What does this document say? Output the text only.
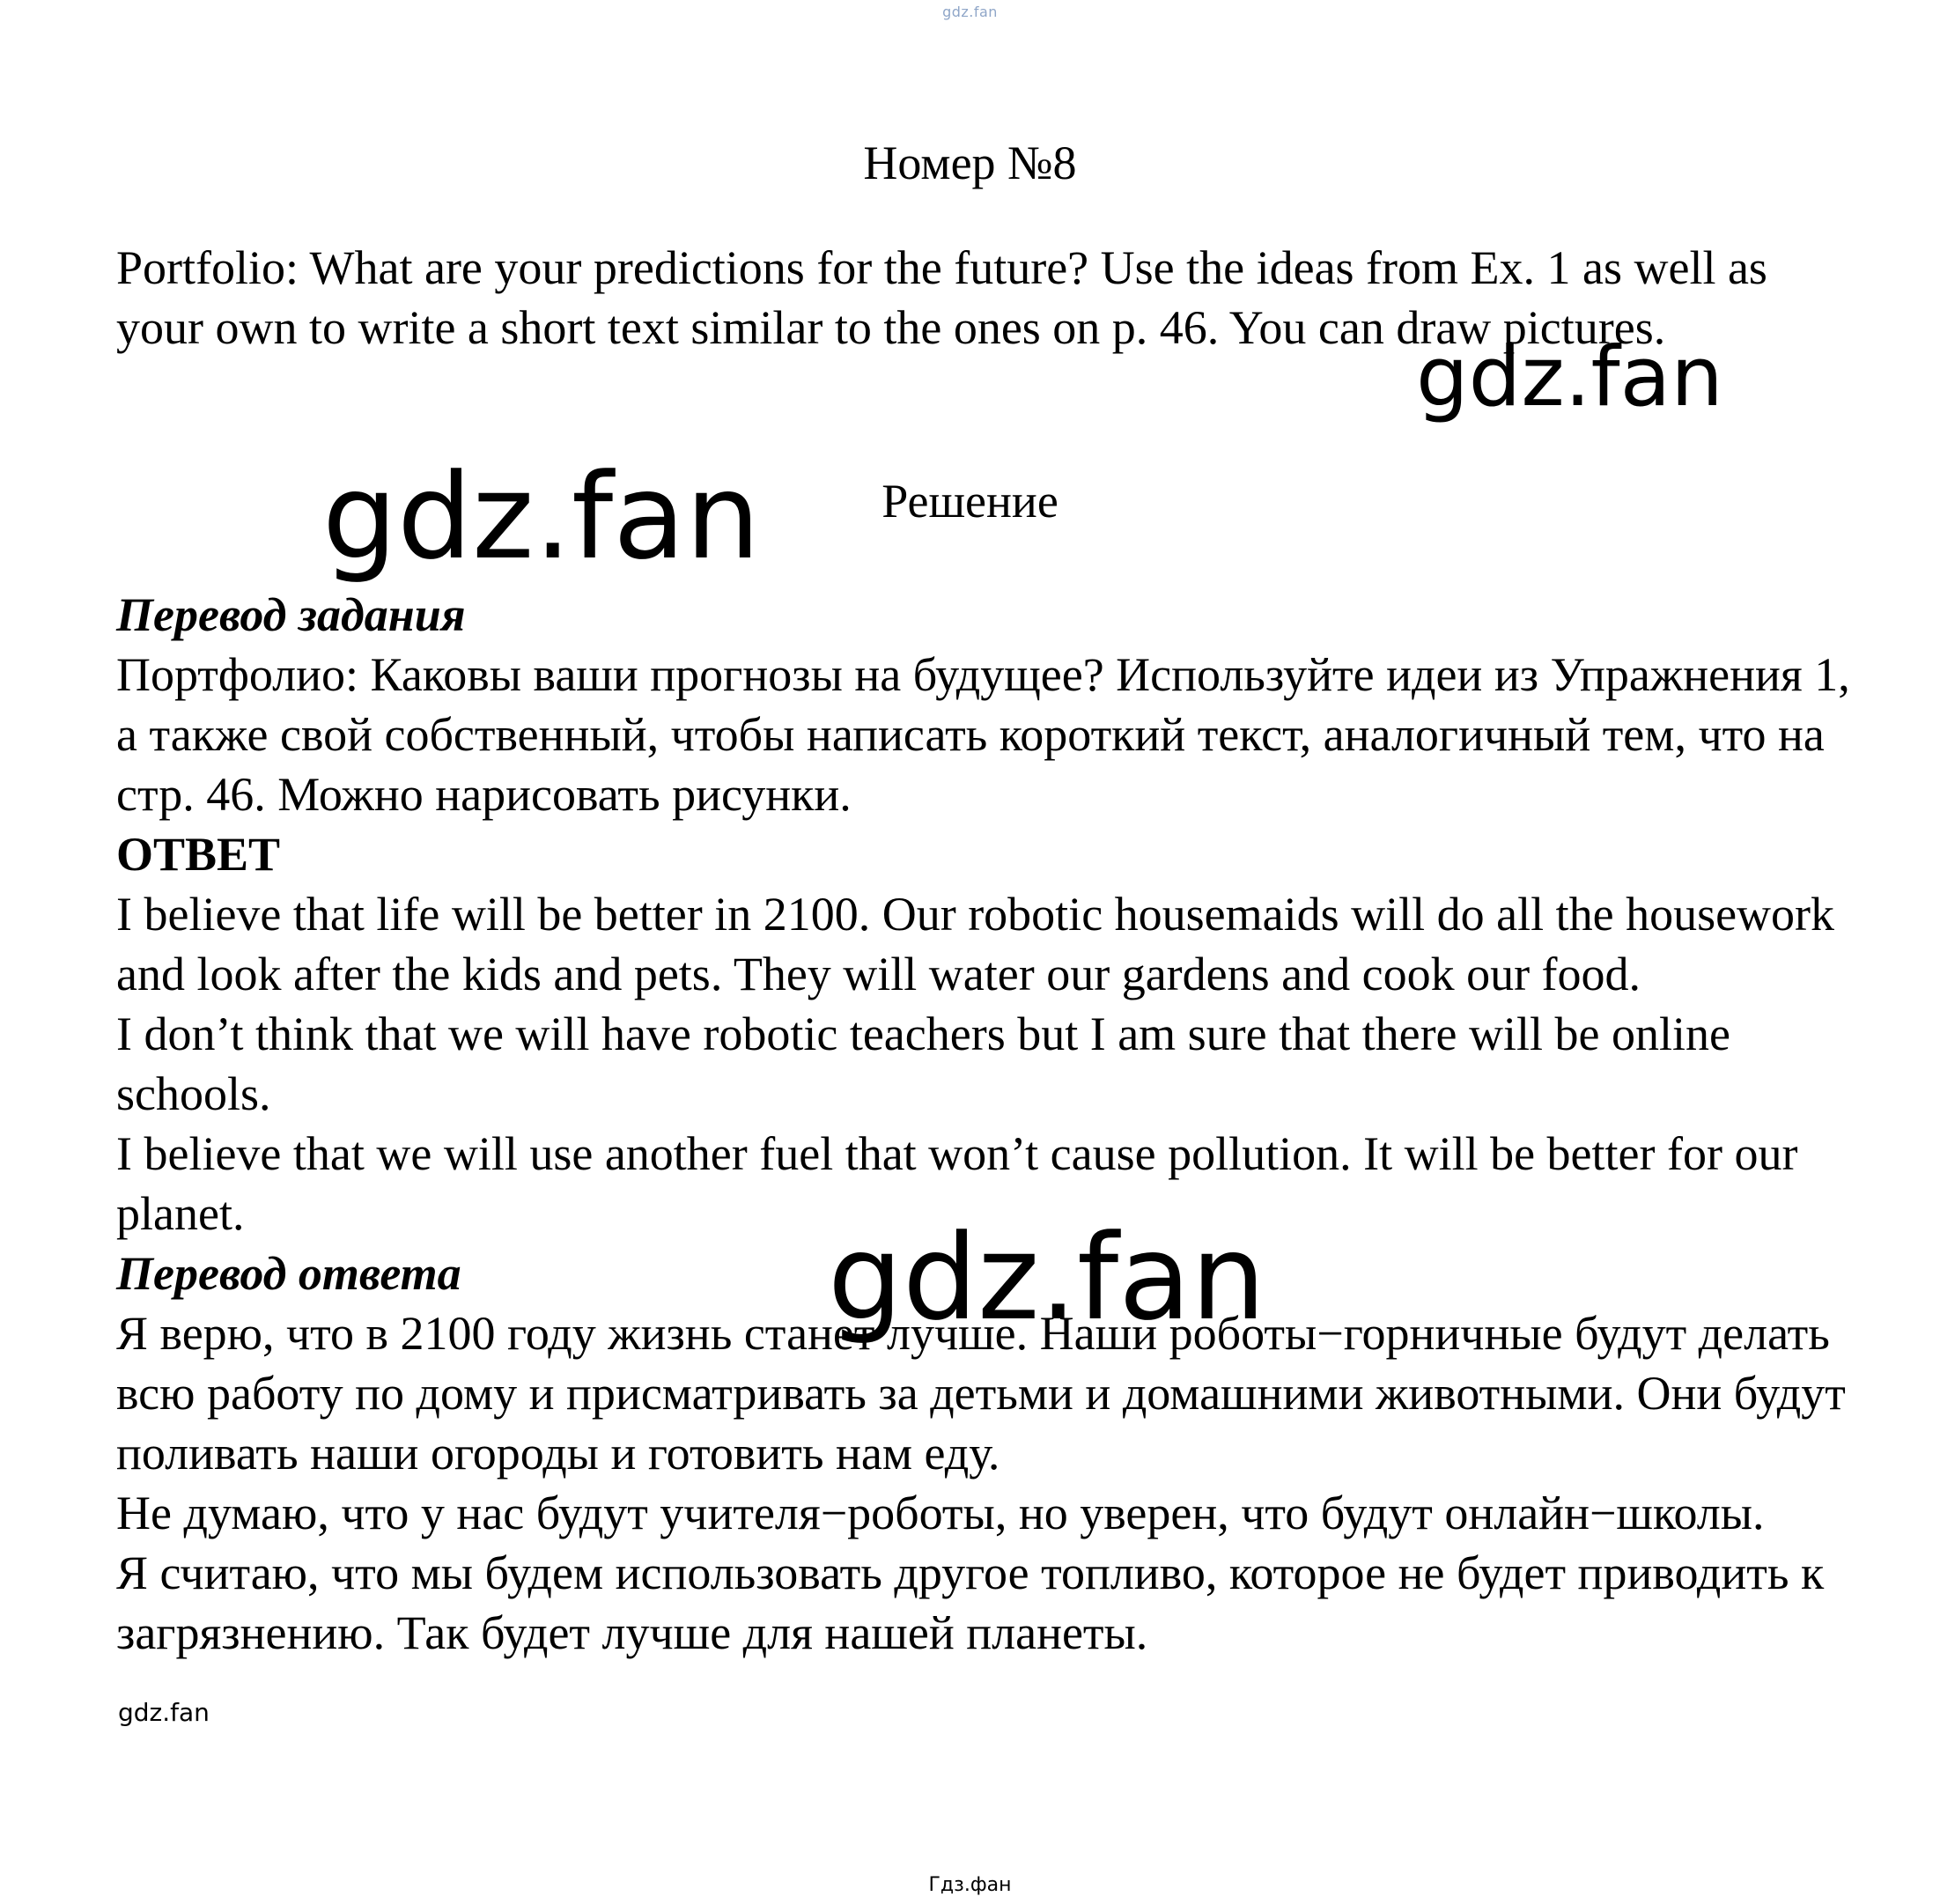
gdz.fan
Номер №8
Portfolio: What are your predictions for the future? Use the ideas from Ex. 1 as well as your own to write a short text similar to the ones on p. 46. You can draw pictures.
Решение

Перевод задания

Портфолио: Каковы ваши прогнозы на будущее? Используйте идеи из Упражнения 1, а также свой собственный, чтобы написать короткий текст, аналогичный тем, что на стр. 46. Можно нарисовать рисунки.

ОТВЕТ

I believe that life will be better in 2100. Our robotic housemaids will do all the housework and look after the kids and pets. They will water our gardens and cook our food.

I don’t think that we will have robotic teachers but I am sure that there will be online schools.

I believe that we will use another fuel that won’t cause pollution. It will be better for our planet.

Перевод ответа

Я верю, что в 2100 году жизнь станет лучше. Наши роботы−горничные будут делать всю работу по дому и присматривать за детьми и домашними животными. Они будут поливать наши огороды и готовить нам еду.

Не думаю, что у нас будут учителя−роботы, но уверен, что будут онлайн−школы.

Я считаю, что мы будем использовать другое топливо, которое не будет приводить к загрязнению. Так будет лучше для нашей планеты.

gdz.fan
gdz.fan
gdz.fan
gdz.fan
Гдз.фан
